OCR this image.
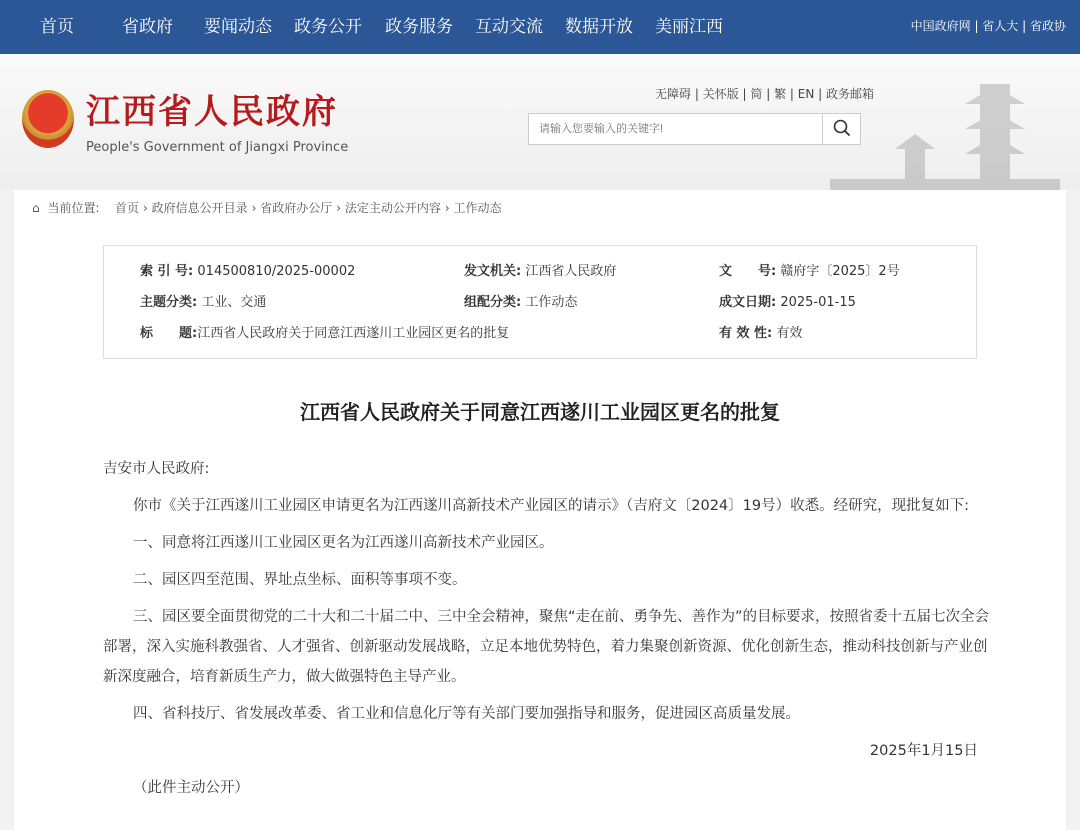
首页	省政府 要闻动态 政务公开 政务服务 互动交流 数据开放 美丽江西	中国政府网 | 省人大 | 省政协
江西省人民政府
People's Government of Jiangxi Province
无障碍 | 关怀版 | 简 | 繁 | EN | 政务邮箱
请输入您要输入的关键字!
⌂ 当前位置: 首页 › 政府信息公开目录 › 省政府办公厅 › 法定主动公开内容 › 工作动态
索 引 号: 014500810/2025-00002	发文机关: 江西省人民政府	文　　号: 赣府字〔2025〕2号
主题分类: 工业、交通	组配分类: 工作动态	成文日期: 2025-01-15
标　　题:江西省人民政府关于同意江西遂川工业园区更名的批复	有 效 性: 有效
江西省人民政府关于同意江西遂川工业园区更名的批复

吉安市人民政府:

你市《关于江西遂川工业园区申请更名为江西遂川高新技术产业园区的请示》（吉府文〔2024〕19号）收悉。经研究，现批复如下:

一、同意将江西遂川工业园区更名为江西遂川高新技术产业园区。

二、园区四至范围、界址点坐标、面积等事项不变。

三、园区要全面贯彻党的二十大和二十届二中、三中全会精神，聚焦“走在前、勇争先、善作为”的目标要求，按照省委十五届七次全会部署，深入实施科教强省、人才强省、创新驱动发展战略，立足本地优势特色，着力集聚创新资源、优化创新生态，推动科技创新与产业创新深度融合，培育新质生产力，做大做强特色主导产业。

四、省科技厅、省发展改革委、省工业和信息化厅等有关部门要加强指导和服务，促进园区高质量发展。

2025年1月15日

（此件主动公开）
